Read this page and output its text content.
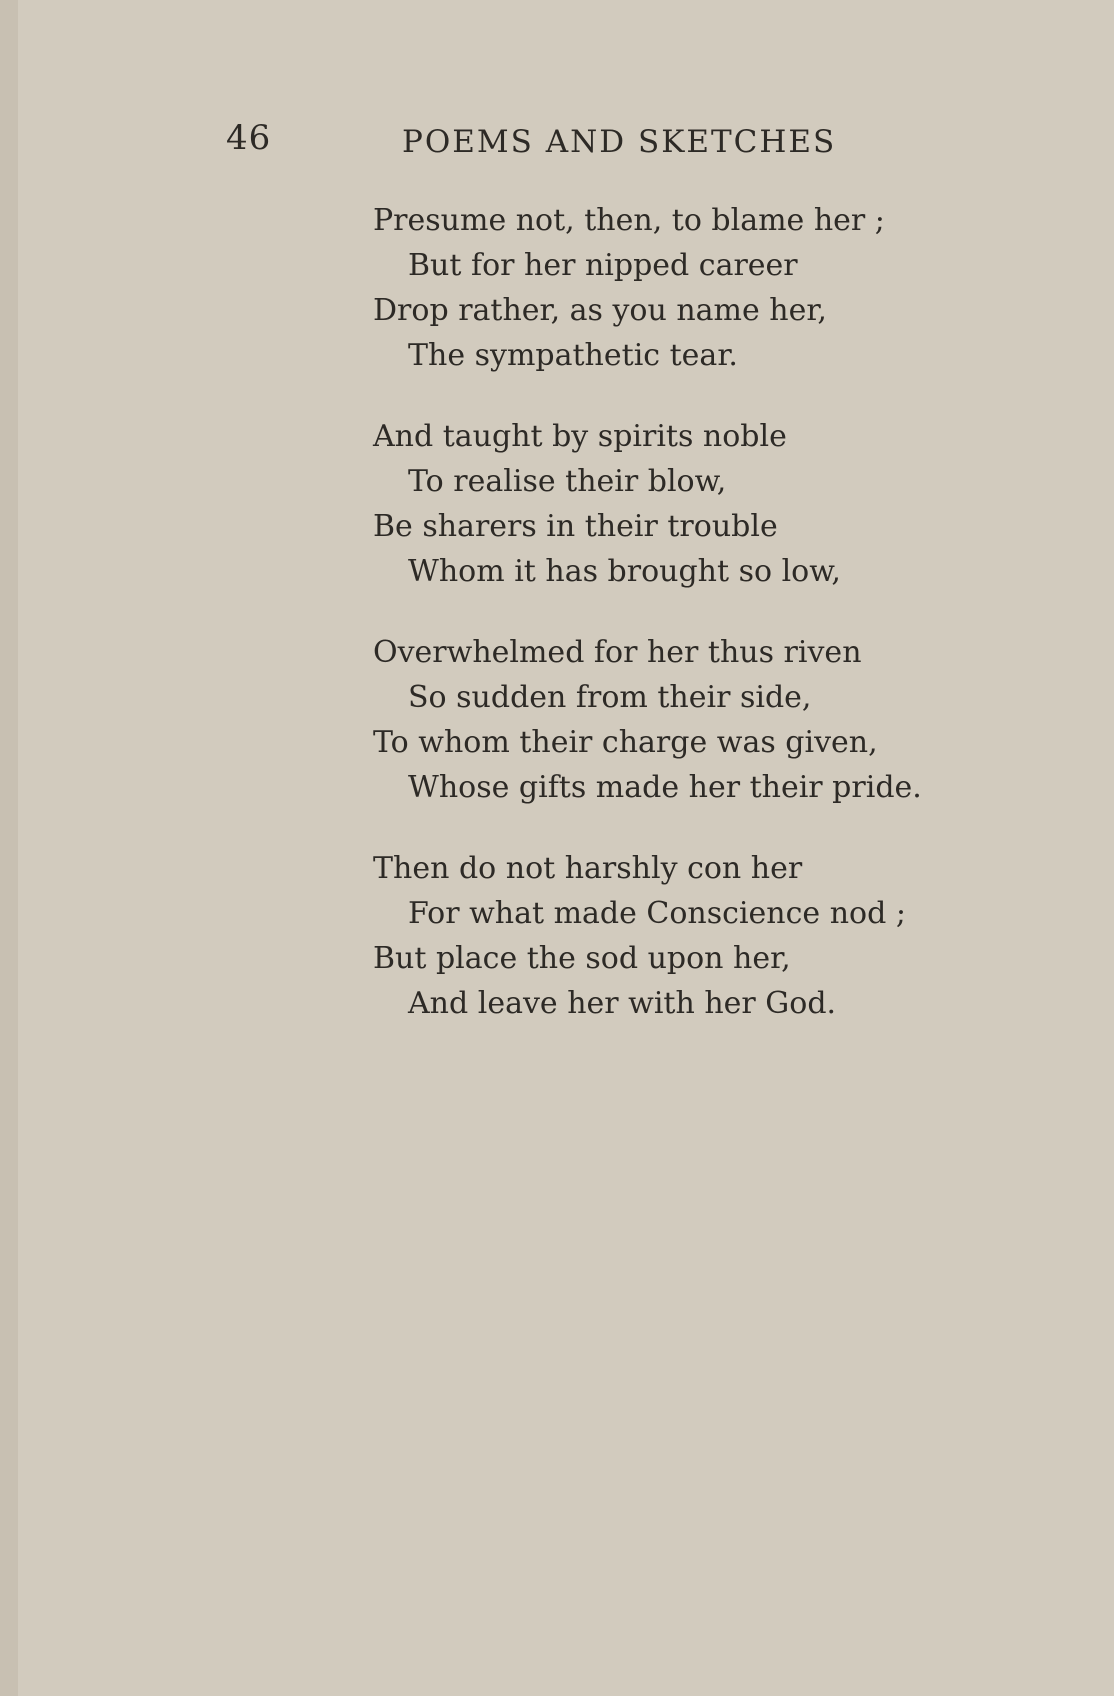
46	POEMS AND SKETCHES
Presume not, then, to blame her ;
But for her nipped career
Drop rather, as you name her,
The sympathetic tear.
And taught by spirits noble
To realise their blow,
Be sharers in their trouble
Whom it has brought so low,
Overwhelmed for her thus riven
So sudden from their side,
To whom their charge was given,
Whose gifts made her their pride.
Then do not harshly con her
For what made Conscience nod ;
But place the sod upon her,
And leave her with her God.
